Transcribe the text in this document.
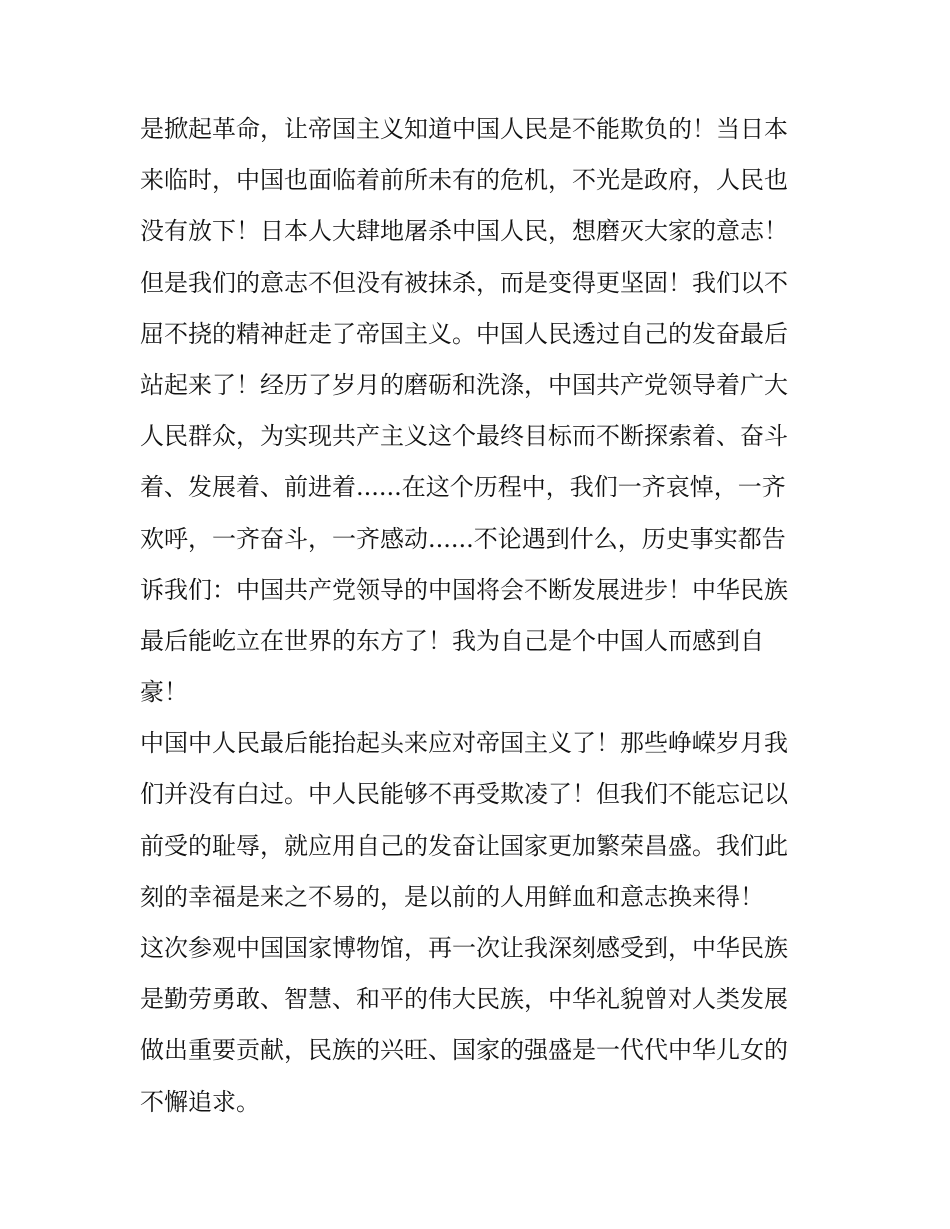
是掀起革命，让帝国主义知道中国人民是不能欺负的！当日本
来临时，中国也面临着前所未有的危机，不光是政府，人民也
没有放下！日本人大肆地屠杀中国人民，想磨灭大家的意志！
但是我们的意志不但没有被抹杀，而是变得更坚固！我们以不
屈不挠的精神赶走了帝国主义。中国人民透过自己的发奋最后
站起来了！经历了岁月的磨砺和洗涤，中国共产党领导着广大
人民群众，为实现共产主义这个最终目标而不断探索着、奋斗
着、发展着、前进着......在这个历程中，我们一齐哀悼，一齐
欢呼，一齐奋斗，一齐感动......不论遇到什么，历史事实都告
诉我们：中国共产党领导的中国将会不断发展进步！中华民族
最后能屹立在世界的东方了！我为自己是个中国人而感到自
豪！
中国中人民最后能抬起头来应对帝国主义了！那些峥嵘岁月我
们并没有白过。中人民能够不再受欺凌了！但我们不能忘记以
前受的耻辱，就应用自己的发奋让国家更加繁荣昌盛。我们此
刻的幸福是来之不易的，是以前的人用鲜血和意志换来得！
这次参观中国国家博物馆，再一次让我深刻感受到，中华民族
是勤劳勇敢、智慧、和平的伟大民族，中华礼貌曾对人类发展
做出重要贡献，民族的兴旺、国家的强盛是一代代中华儿女的
不懈追求。
